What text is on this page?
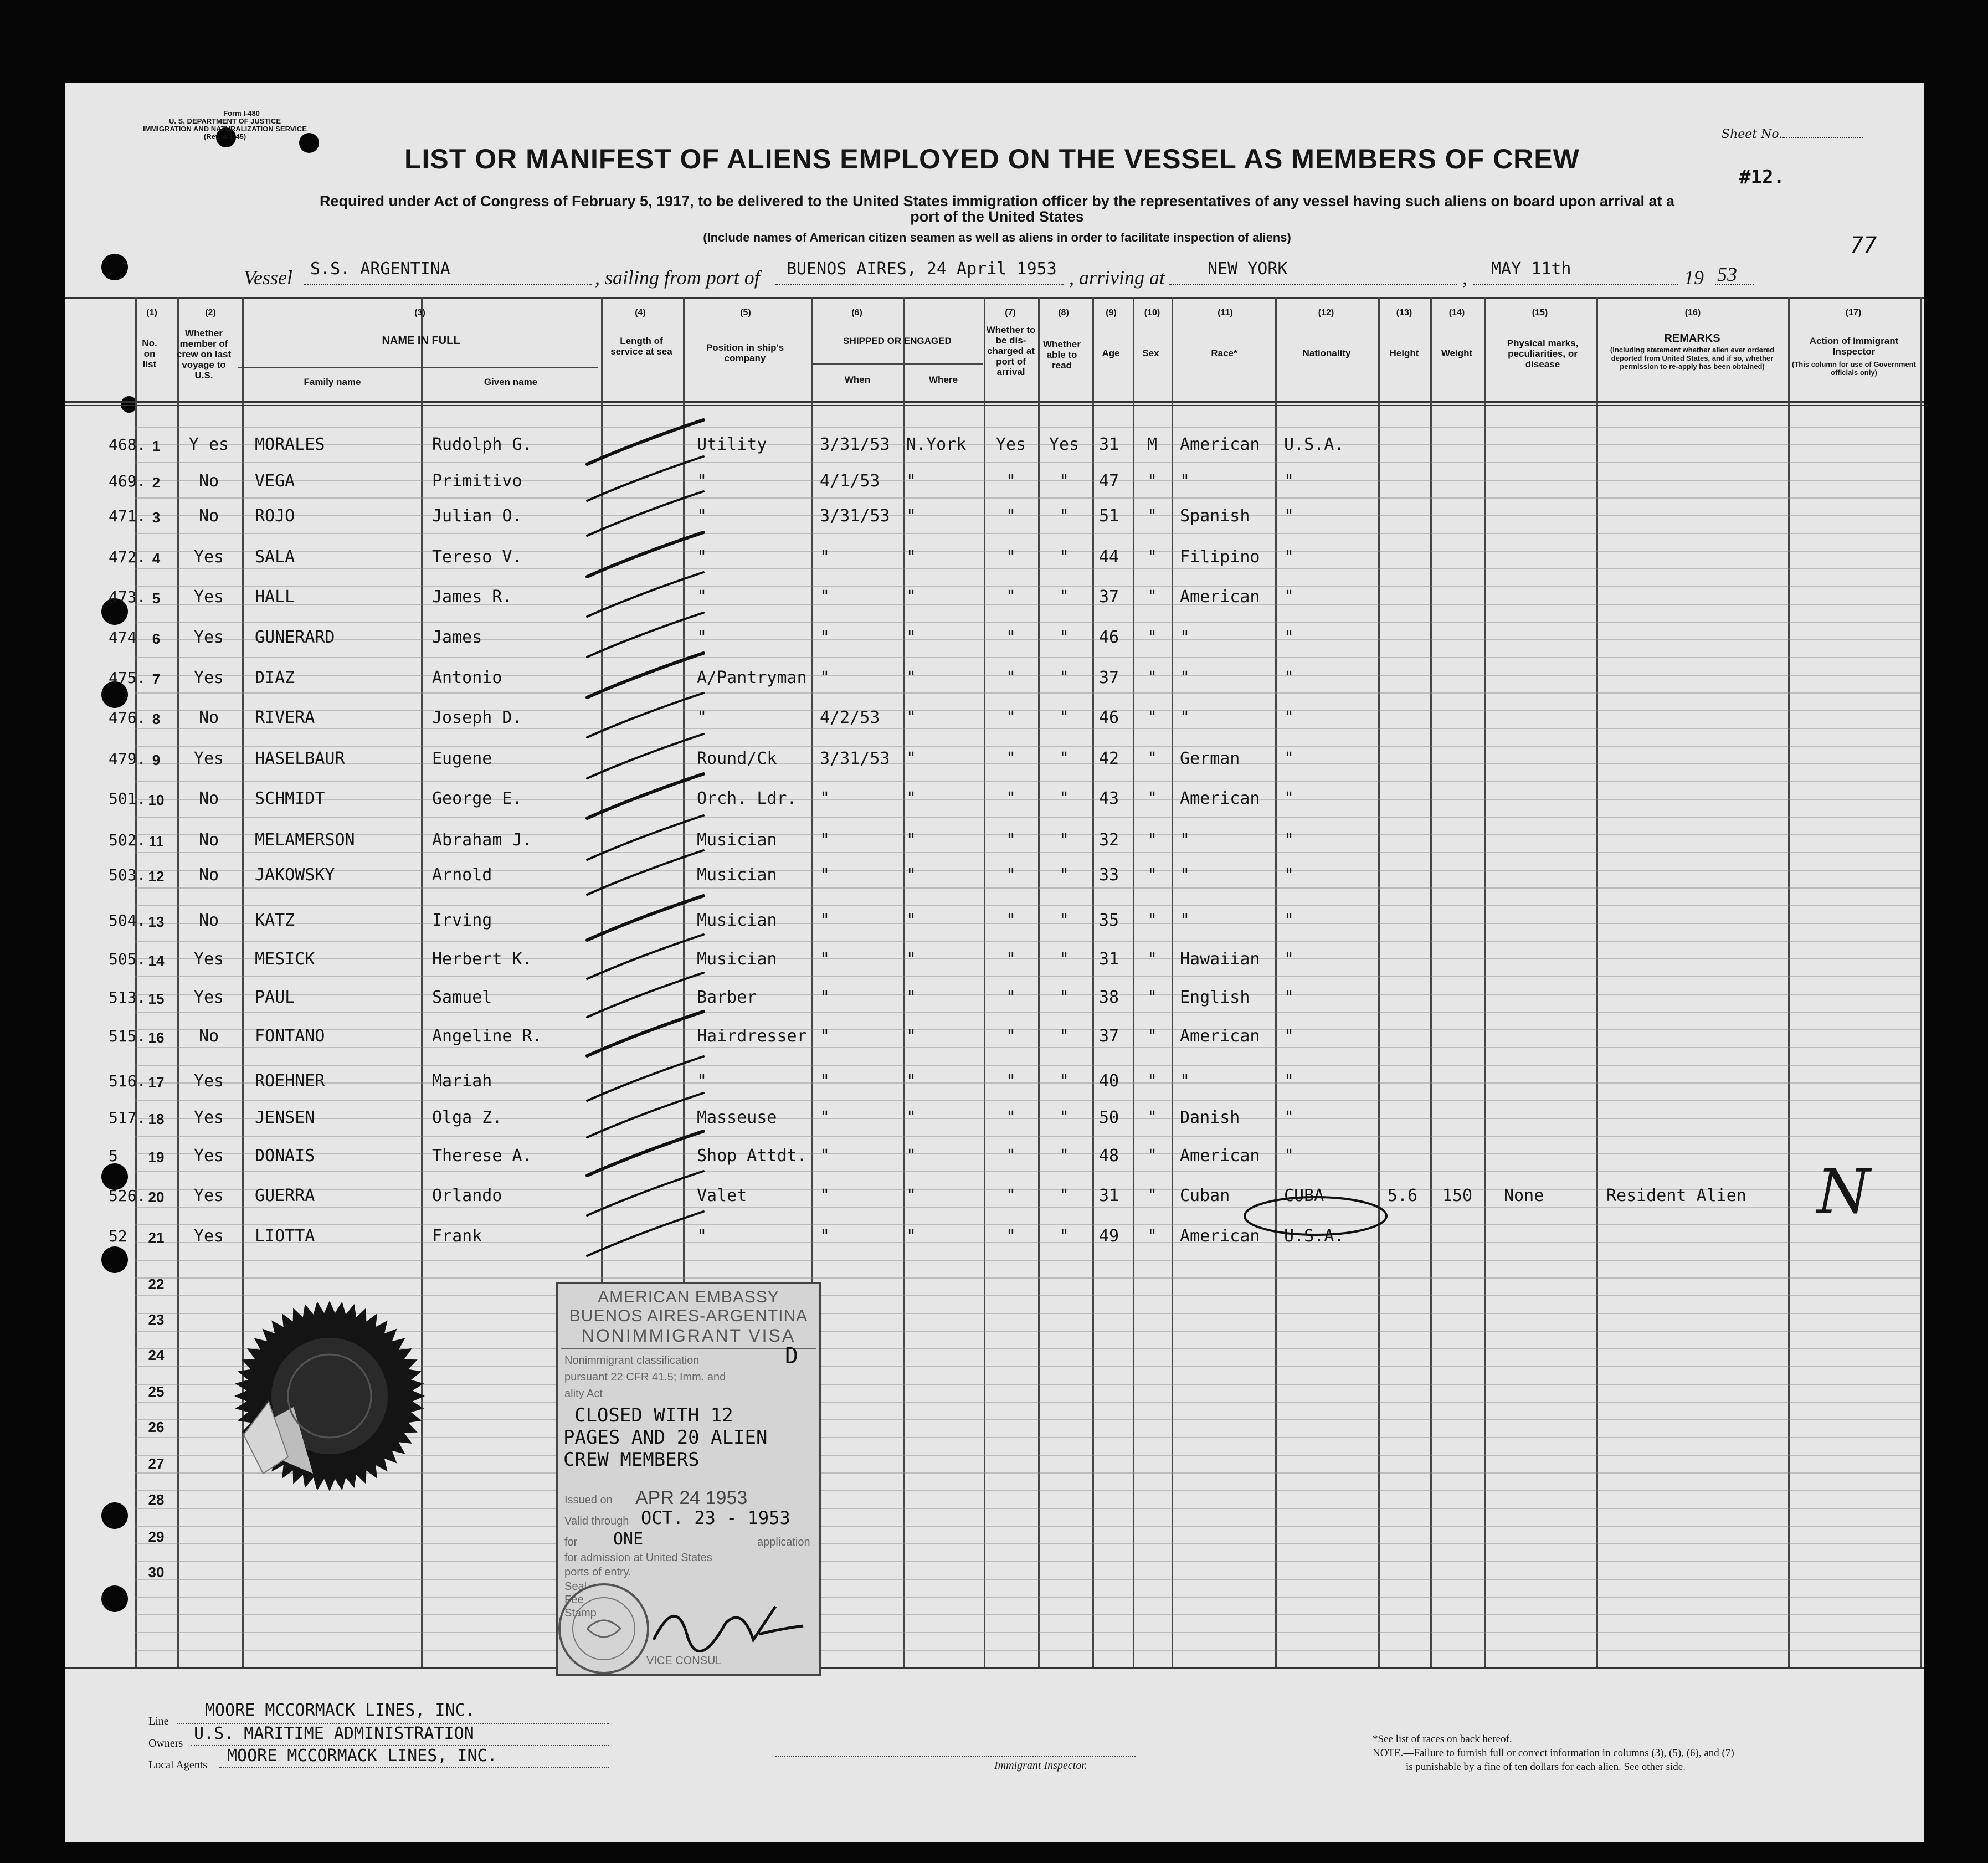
Form I-480
U. S. DEPARTMENT OF JUSTICE
IMMIGRATION AND NATURALIZATION SERVICE
(Rev. 4-1-45)	Sheet No.
#12.
77
LIST OR MANIFEST OF ALIENS EMPLOYED ON THE VESSEL AS MEMBERS OF CREW
Required under Act of Congress of February 5, 1917, to be delivered to the United States immigration officer by the representatives of any vessel having such aliens on board upon arrival at a
port of the United States
(Include names of American citizen seamen as well as aliens in order to facilitate inspection of aliens)
Vessel S.S. ARGENTINA	, sailing from port of BUENOS AIRES, 24 April 1953 , arriving at	NEW YORK	, MAY 11th	19 53
(1)	(2)	(3)	(4)	(5)	(6)	(7)	(8)	(9)	(10)	(11)	(12)	(13)	(14)	(15)	(16)	(17)
No. on list
Whether member of crew on last voyage to U.S.
NAME IN FULL
Family name	Given name
Length of service at sea	Position in ship's company
SHIPPED OR ENGAGED
When	Where
Whether to be dis-charged at port of arrival
Whether able to read
Age	Sex	Race*	Nationality	Height	Weight
Physical marks, peculiarities, or disease
REMARKS
(Including statement whether alien ever ordered deported from United States, and if so, whether permission to re-apply has been obtained)
Action of Immigrant Inspector
(This column for use of Government officials only)
468. 1	Y es	MORALES	Rudolph G.	Utility	3/31/53 N.York	Yes	Yes	31	M	American	U.S.A.
469. 2	No	VEGA	Primitivo	"	4/1/53	"	"	"	47	"	"	"
471. 3	No	ROJO	Julian O.	"	3/31/53 "	"	"	51	"	Spanish	"
472. 4	Yes	SALA	Tereso V.	"	"	"	"	"	44	"	Filipino	"
473. 5	Yes	HALL	James R.	"	"	"	"	"	37	"	American	"
474	6	Yes	GUNERARD	James	"	"	"	"	"	46	"	"	"
475. 7	Yes	DIAZ	Antonio	A/Pantryman "	"	"	"	37	"	"	"
476. 8	No	RIVERA	Joseph D.	"	4/2/53	"	"	"	46	"	"	"
479. 9	Yes	HASELBAUR	Eugene	Round/Ck	3/31/53 "	"	"	42	"	German	"
501. 10	No	SCHMIDT	George E.	Orch. Ldr.	"	"	"	"	43	"	American	"
502. 11	No	MELAMERSON	Abraham J.	Musician	"	"	"	"	32	"	"	"
503. 12	No	JAKOWSKY	Arnold	Musician	"	"	"	"	33	"	"	"
504. 13	No	KATZ	Irving	Musician	"	"	"	"	35	"	"	"
505. 14	Yes	MESICK	Herbert K.	Musician	"	"	"	"	31	"	Hawaiian	"
513. 15	Yes	PAUL	Samuel	Barber	"	"	"	"	38	"	English	"
515. 16	No	FONTANO	Angeline R.	Hairdresser "	"	"	"	37	"	American	"
516. 17	Yes	ROEHNER	Mariah	"	"	"	"	"	40	"	"	"
517. 18	Yes	JENSEN	Olga Z.	Masseuse	"	"	"	"	50	"	Danish	"
5	19	Yes	DONAIS	Therese A.	Shop Attdt. "	"	"	"	48	"	American	"
526. 20	Yes	GUERRA	Orlando	Valet	"	"	"	"	31	"	Cuban	CUBA	5.6	150	None	Resident Alien	N
52	21	Yes	LIOTTA	Frank	"	"	"	"	"	49	"	American	U.S.A.
22
23
24
25
26
27
28
29
30
AMERICAN EMBASSY
BUENOS AIRES-ARGENTINA
NONIMMIGRANT VISA
Nonimmigrant classification	D
pursuant 22 CFR 41.5; Imm. and
ality Act
CLOSED WITH 12
PAGES AND 20 ALIEN
CREW MEMBERS
Issued on APR 24 1953
Valid through OCT. 23 - 1953
for ONE	application
for admission at United States
ports of entry.
Seal
Fee
Stamp
VICE CONSUL
Line
MOORE MCCORMACK LINES, INC.
Owners U.S. MARITIME ADMINISTRATION
Local Agents MOORE MCCORMACK LINES, INC.	Immigrant Inspector.
*See list of races on back hereof.
NOTE.—Failure to furnish full or correct information in columns (3), (5), (6), and (7)
is punishable by a fine of ten dollars for each alien. See other side.
